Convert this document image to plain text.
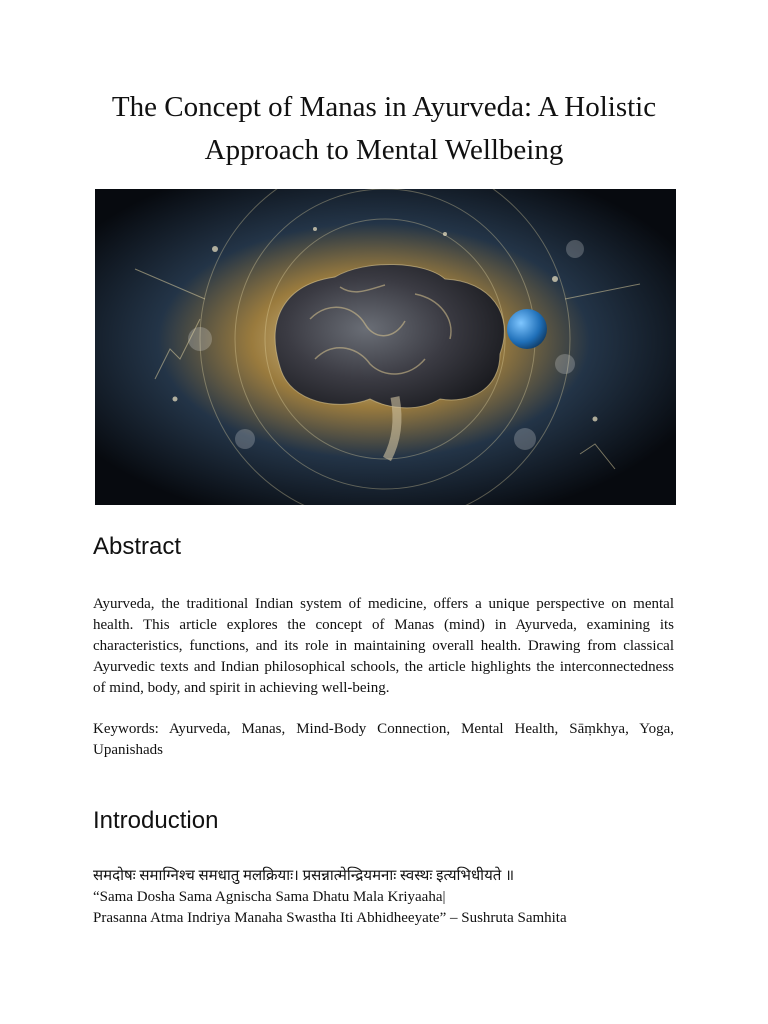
The Concept of Manas in Ayurveda: A Holistic Approach to Mental Wellbeing
Abstract
Ayurveda, the traditional Indian system of medicine, offers a unique perspective on mental health. This article explores the concept of Manas (mind) in Ayurveda, examining its characteristics, functions, and its role in maintaining overall health. Drawing from classical Ayurvedic texts and Indian philosophical schools, the article highlights the interconnectedness of mind, body, and spirit in achieving well-being.
Keywords: Ayurveda, Manas, Mind-Body Connection, Mental Health, Sāṃkhya, Yoga, Upanishads
Introduction
समदोषः समाग्निश्च समधातु मलक्रियाः। प्रसन्नात्मेन्द्रियमनाः स्वस्थः इत्यभिधीयते ॥
“Sama Dosha Sama Agnischa Sama Dhatu Mala Kriyaaha|
Prasanna Atma Indriya Manaha Swastha Iti Abhidheeyate” – Sushruta Samhita
